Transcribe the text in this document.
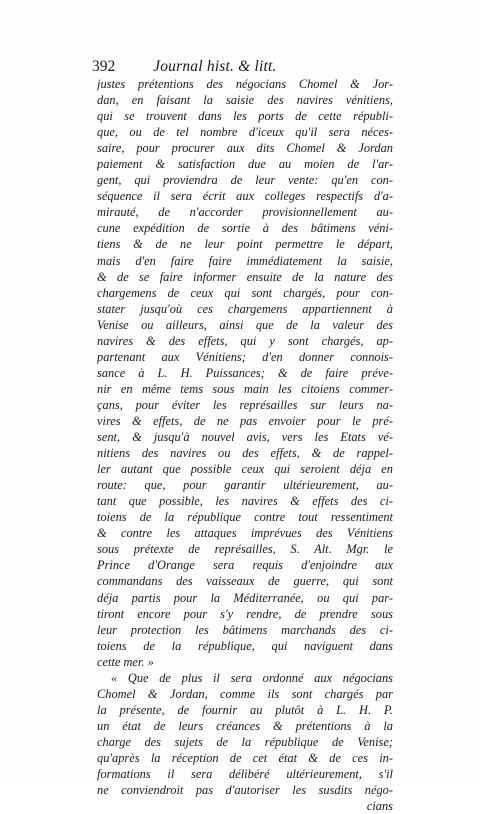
392 Journal hist. & litt.
justes prétentions des négocians Chomel & Jor-
dan, en faisant la saisie des navires vénitiens,
qui se trouvent dans les ports de cette républi-
que, ou de tel nombre d'iceux qu'il sera néces-
saire, pour procurer aux dits Chomel & Jordan
paiement & satisfaction due au moien de l'ar-
gent, qui proviendra de leur vente: qu'en con-
séquence il sera écrit aux colleges respectifs d'a-
mirauté, de n'accorder provisionnellement au-
cune expédition de sortie à des bâtimens véni-
tiens & de ne leur point permettre le départ,
mais d'en faire faire immédiatement la saisie,
& de se faire informer ensuite de la nature des
chargemens de ceux qui sont chargés, pour con-
stater jusqu'où ces chargemens appartiennent à
Venise ou ailleurs, ainsi que de la valeur des
navires & des effets, qui y sont chargés, ap-
partenant aux Vénitiens; d'en donner connois-
sance à L. H. Puissances; & de faire préve-
nir en même tems sous main les citoiens commer-
çans, pour éviter les représailles sur leurs na-
vires & effets, de ne pas envoier pour le pré-
sent, & jusqu'à nouvel avis, vers les Etats vé-
nitiens des navires ou des effets, & de rappel-
ler autant que possible ceux qui seroient déja en
route: que, pour garantir ultérieurement, au-
tant que possible, les navires & effets des ci-
toiens de la république contre tout ressentiment
& contre les attaques imprévues des Vénitiens
sous prétexte de représailles, S. Alt. Mgr. le
Prince d'Orange sera requis d'enjoindre aux
commandans des vaisseaux de guerre, qui sont
déja partis pour la Méditerranée, ou qui par-
tiront encore pour s'y rendre, de prendre sous
leur protection les bâtimens marchands des ci-
toiens de la république, qui naviguent dans
cette mer. »
« Que de plus il sera ordonné aux négocians
Chomel & Jordan, comme ils sont chargés par
la présente, de fournir au plutôt à L. H. P.
un état de leurs créances & prétentions à la
charge des sujets de la république de Venise;
qu'après la réception de cet état & de ces in-
formations il sera délibéré ultérieurement, s'il
ne conviendroit pas d'autoriser les susdits négo-
cians
